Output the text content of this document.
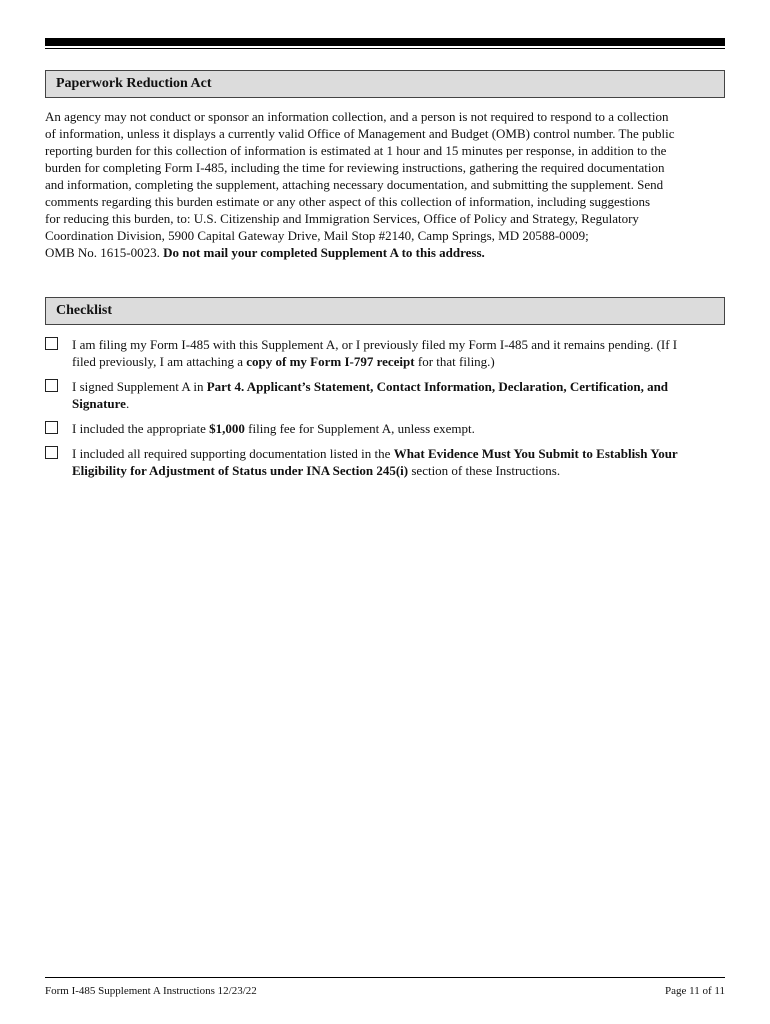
Paperwork Reduction Act
An agency may not conduct or sponsor an information collection, and a person is not required to respond to a collection
of information, unless it displays a currently valid Office of Management and Budget (OMB) control number. The public
reporting burden for this collection of information is estimated at 1 hour and 15 minutes per response, in addition to the
burden for completing Form I-485, including the time for reviewing instructions, gathering the required documentation
and information, completing the supplement, attaching necessary documentation, and submitting the supplement. Send
comments regarding this burden estimate or any other aspect of this collection of information, including suggestions
for reducing this burden, to: U.S. Citizenship and Immigration Services, Office of Policy and Strategy, Regulatory
Coordination Division, 5900 Capital Gateway Drive, Mail Stop #2140, Camp Springs, MD 20588-0009;
OMB No. 1615-0023. Do not mail your completed Supplement A to this address.
Checklist
I am filing my Form I-485 with this Supplement A, or I previously filed my Form I-485 and it remains pending. (If I
filed previously, I am attaching a copy of my Form I-797 receipt for that filing.)
I signed Supplement A in Part 4. Applicant’s Statement, Contact Information, Declaration, Certification, and
Signature.
I included the appropriate $1,000 filing fee for Supplement A, unless exempt.
I included all required supporting documentation listed in the What Evidence Must You Submit to Establish Your
Eligibility for Adjustment of Status under INA Section 245(i) section of these Instructions.
Form I-485 Supplement A Instructions 12/23/22	Page 11 of 11
